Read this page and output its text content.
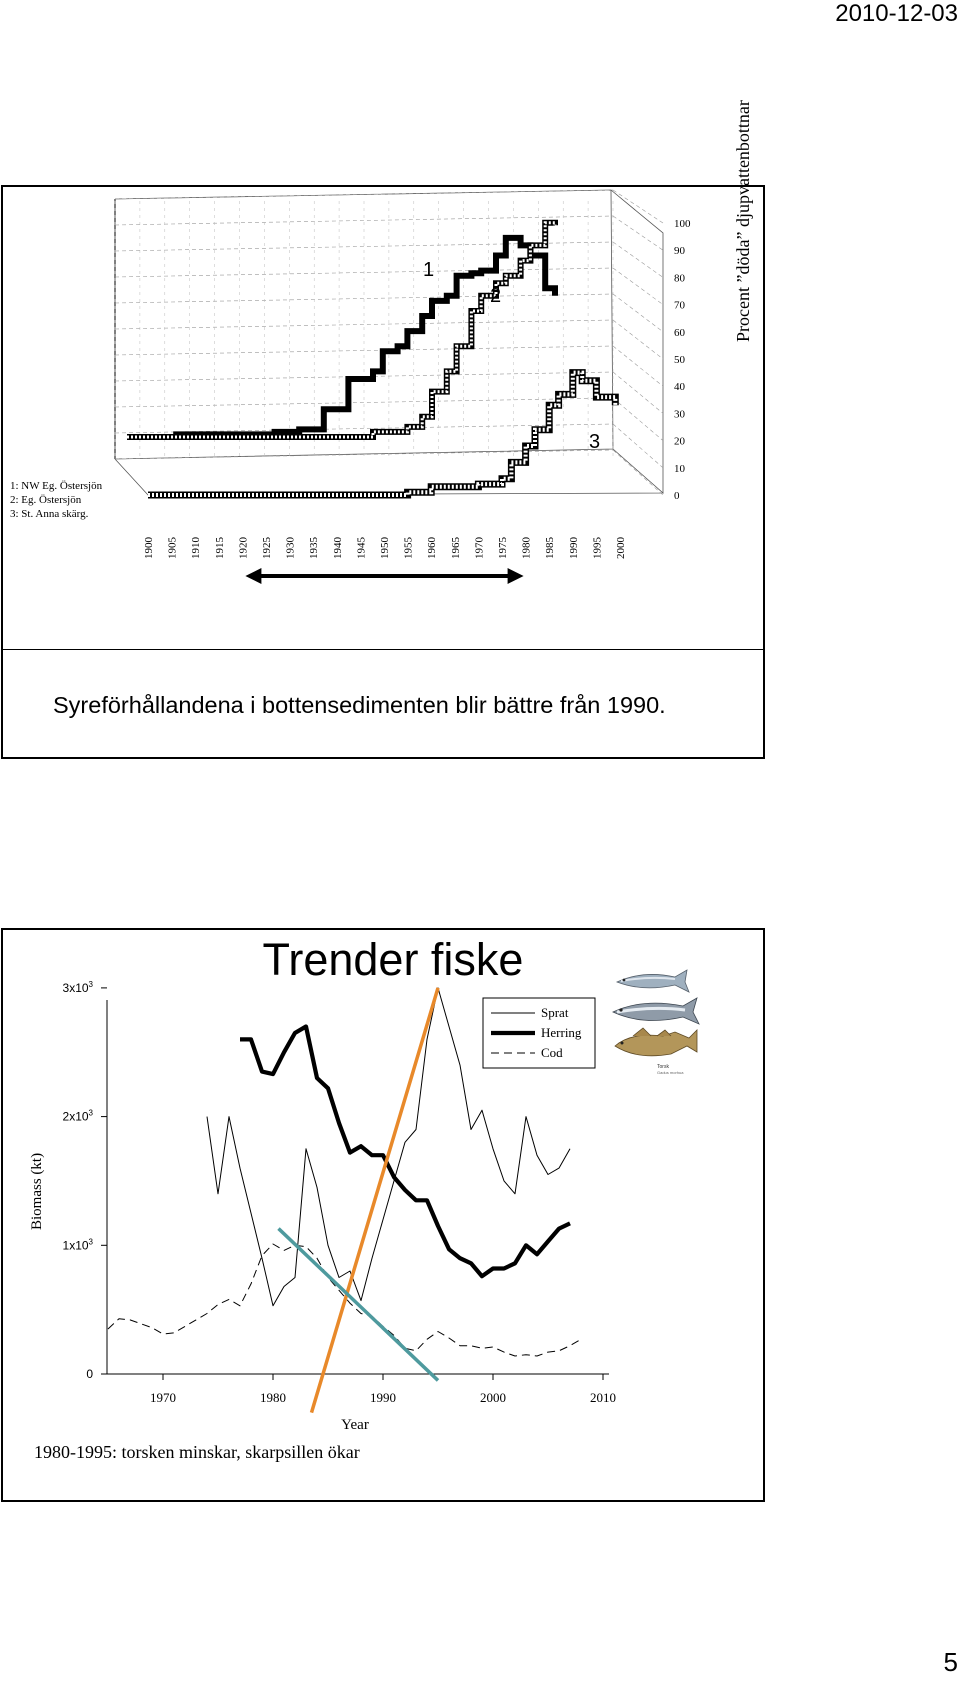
2010-12-03
0
10
20
30
40
50
60
70
80
90
100
1900 1905 1910 1915 1920 1925 1930 1935 1940 1945 1950 1955 1960 1965 1970 1975 1980 1985 1990 1995 2000
1
2
3
1: NW Eg. Östersjön
2: Eg. Östersjön
3: St. Anna skärg.
Procent ”döda” djupvattenbottnar
Syreförhållandena i bottensedimenten blir bättre från 1990.
0
$1x10^3$
$2x10^3$
$3x10^3$
1970	1980	1990	2000	2010
Year
Sprat
Herring
Cod
Trender fiske
Biomass (kt)
1980-1995: torsken minskar, skarpsillen ökar
Torsk
Gadus morhua
5
